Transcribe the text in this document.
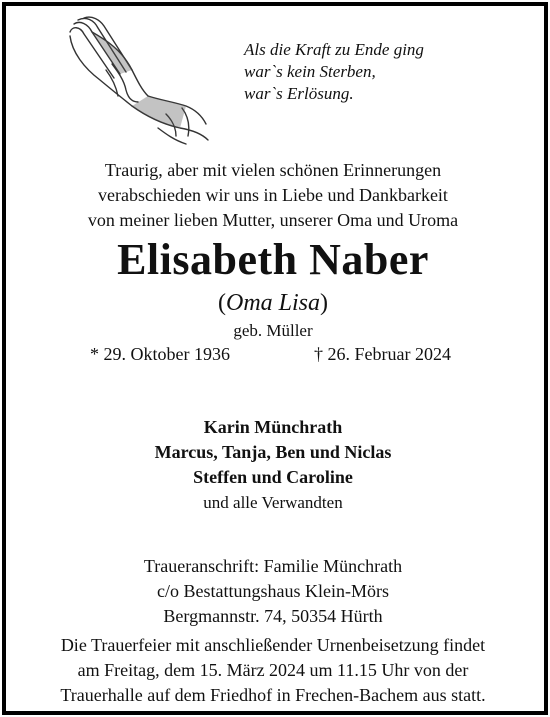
Als die Kraft zu Ende ging
war`s kein Sterben,
war`s Erlösung.
Traurig, aber mit vielen schönen Erinnerungen
verabschieden wir uns in Liebe und Dankbarkeit
von meiner lieben Mutter, unserer Oma und Uroma
Elisabeth Naber
(Oma Lisa)
geb. Müller
* 29. Oktober 1936	† 26. Februar 2024
Karin Münchrath
Marcus, Tanja, Ben und Niclas
Steffen und Caroline
und alle Verwandten
Traueranschrift: Familie Münchrath
c/o Bestattungshaus Klein-Mörs
Bergmannstr. 74, 50354 Hürth
Die Trauerfeier mit anschließender Urnenbeisetzung findet
am Freitag, dem 15. März 2024 um 11.15 Uhr von der
Trauerhalle auf dem Friedhof in Frechen-Bachem aus statt.
